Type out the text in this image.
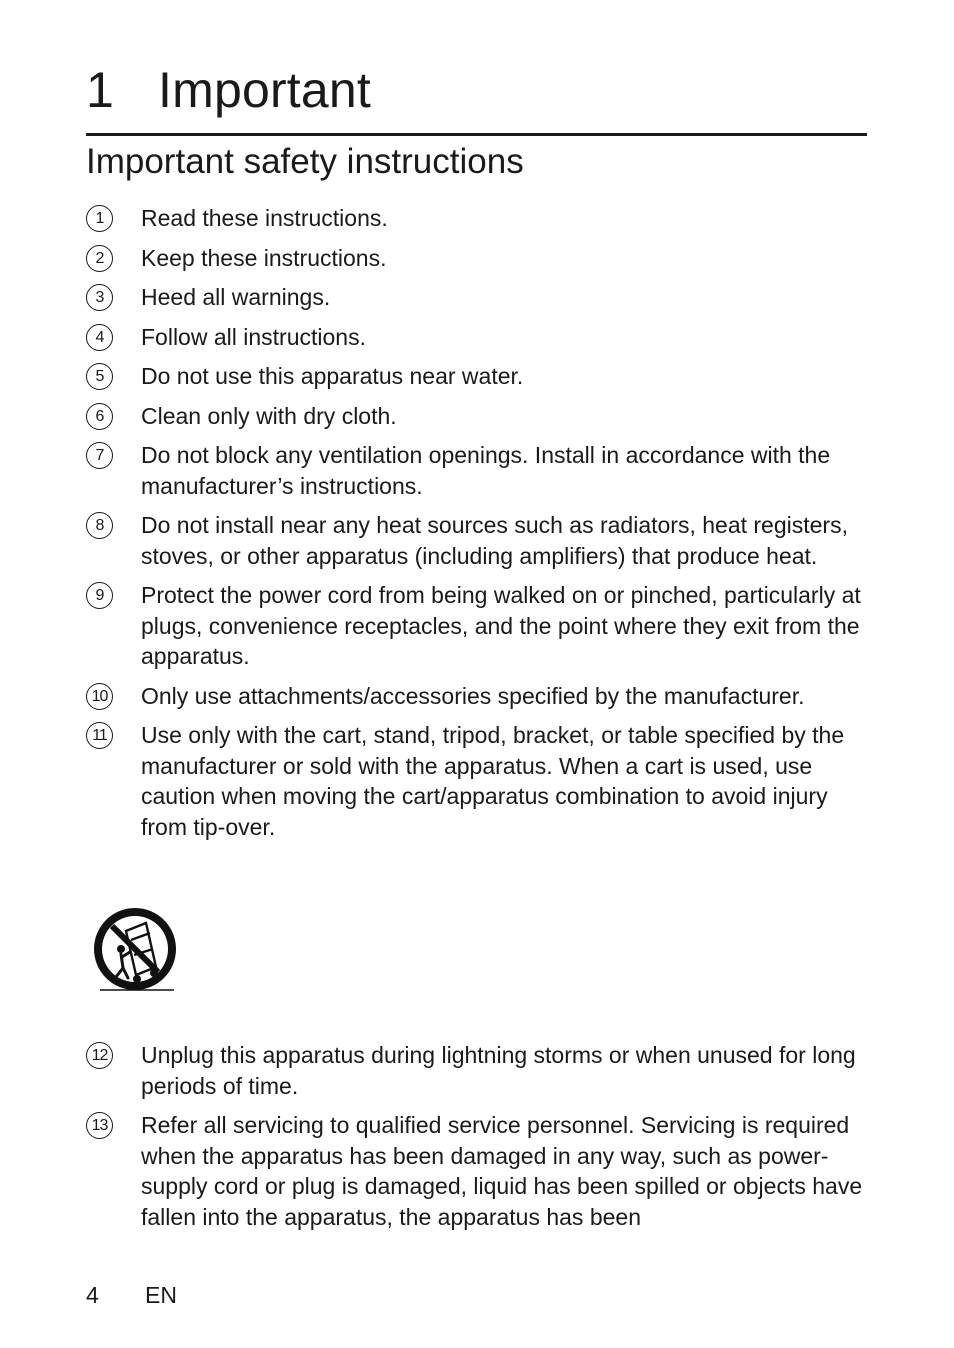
1 Important
Important safety instructions
1	Read these instructions.
2	Keep these instructions.
3	Heed all warnings.
4	Follow all instructions.
5	Do not use this apparatus near water.
6	Clean only with dry cloth.
7	Do not block any ventilation openings. Install in accordance with the manufacturer’s instructions.
8	Do not install near any heat sources such as radiators, heat registers, stoves, or other apparatus (including amplifiers) that produce heat.
9	Protect the power cord from being walked on or pinched, particularly at plugs, convenience receptacles, and the point where they exit from the apparatus.
10 Only use attachments/accessories specified by the manufacturer.
11 Use only with the cart, stand, tripod, bracket, or table specified by the manufacturer or sold with the apparatus. When a cart is used, use caution when moving the cart/apparatus combination to avoid injury from tip-over.
12 Unplug this apparatus during lightning storms or when unused for long periods of time.
13 Refer all servicing to qualified service personnel. Servicing is required when the apparatus has been damaged in any way, such as power-supply cord or plug is damaged, liquid has been spilled or objects have fallen into the apparatus, the apparatus has been
4 EN
